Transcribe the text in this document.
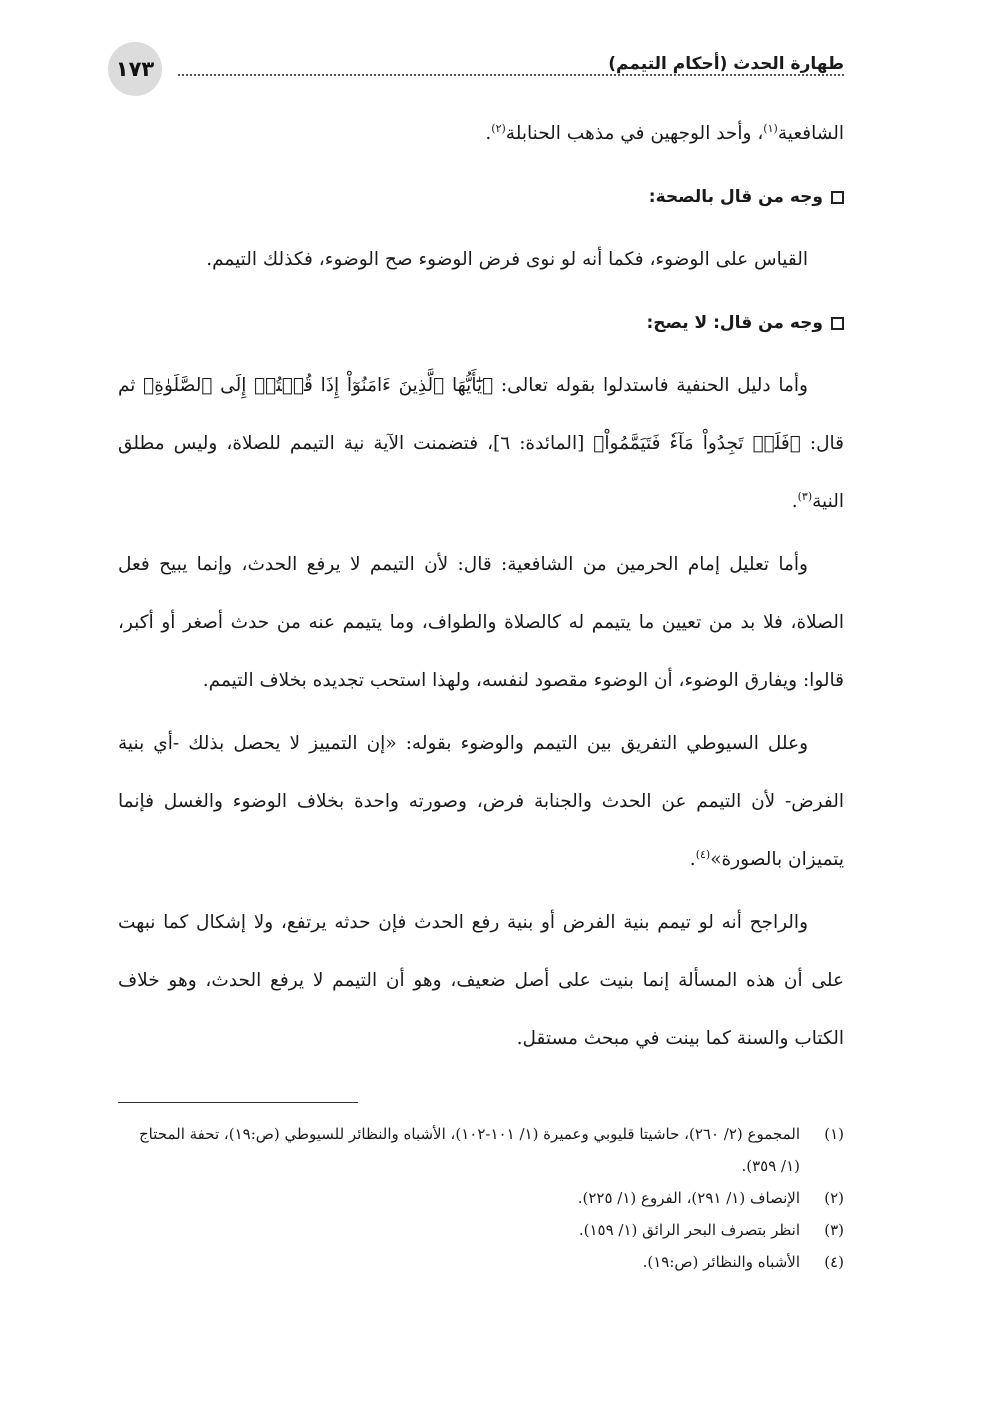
طهارة الحدث (أحكام التيمم)
١٧٣

الشافعية$^{(١)}$، وأحد الوجهين في مذهب الحنابلة$^{(٢)}$.

وجه من قال بالصحة:

القياس على الوضوء، فكما أنه لو نوى فرض الوضوء صح الوضوء، فكذلك التيمم.

وجه من قال: لا يصح:

وأما دليل الحنفية فاستدلوا بقوله تعالى: ﴿يَٰٓأَيُّهَا ٱلَّذِينَ ءَامَنُوٓاْ إِذَا قُمۡتُمۡ إِلَى ٱلصَّلَوٰةِ﴾ ثم قال: ﴿فَلَمۡ تَجِدُواْ مَآءٗ فَتَيَمَّمُواْ﴾ [المائدة: ٦]، فتضمنت الآية نية التيمم للصلاة، وليس مطلق النية$^{(٣)}$.

وأما تعليل إمام الحرمين من الشافعية: قال: لأن التيمم لا يرفع الحدث، وإنما يبيح فعل الصلاة، فلا بد من تعيين ما يتيمم له كالصلاة والطواف، وما يتيمم عنه من حدث أصغر أو أكبر، قالوا: ويفارق الوضوء، أن الوضوء مقصود لنفسه، ولهذا استحب تجديده بخلاف التيمم.

وعلل السيوطي التفريق بين التيمم والوضوء بقوله: «إن التمييز لا يحصل بذلك -أي بنية الفرض- لأن التيمم عن الحدث والجنابة فرض، وصورته واحدة بخلاف الوضوء والغسل فإنما يتميزان بالصورة»$^{(٤)}$.

والراجح أنه لو تيمم بنية الفرض أو بنية رفع الحدث فإن حدثه يرتفع، ولا إشكال كما نبهت على أن هذه المسألة إنما بنيت على أصل ضعيف، وهو أن التيمم لا يرفع الحدث، وهو خلاف الكتاب والسنة كما بينت في مبحث مستقل.

(١)
المجموع (٢/ ٢٦٠)، حاشيتا قليوبي وعميرة (١/ ١٠١-١٠٢)، الأشباه والنظائر للسيوطي (ص:١٩)، تحفة المحتاج (١/ ٣٥٩).
(٢)
الإنصاف (١/ ٢٩١)، الفروع (١/ ٢٢٥).
(٣)
انظر بتصرف البحر الرائق (١/ ١٥٩).
(٤)
الأشباه والنظائر (ص:١٩).
